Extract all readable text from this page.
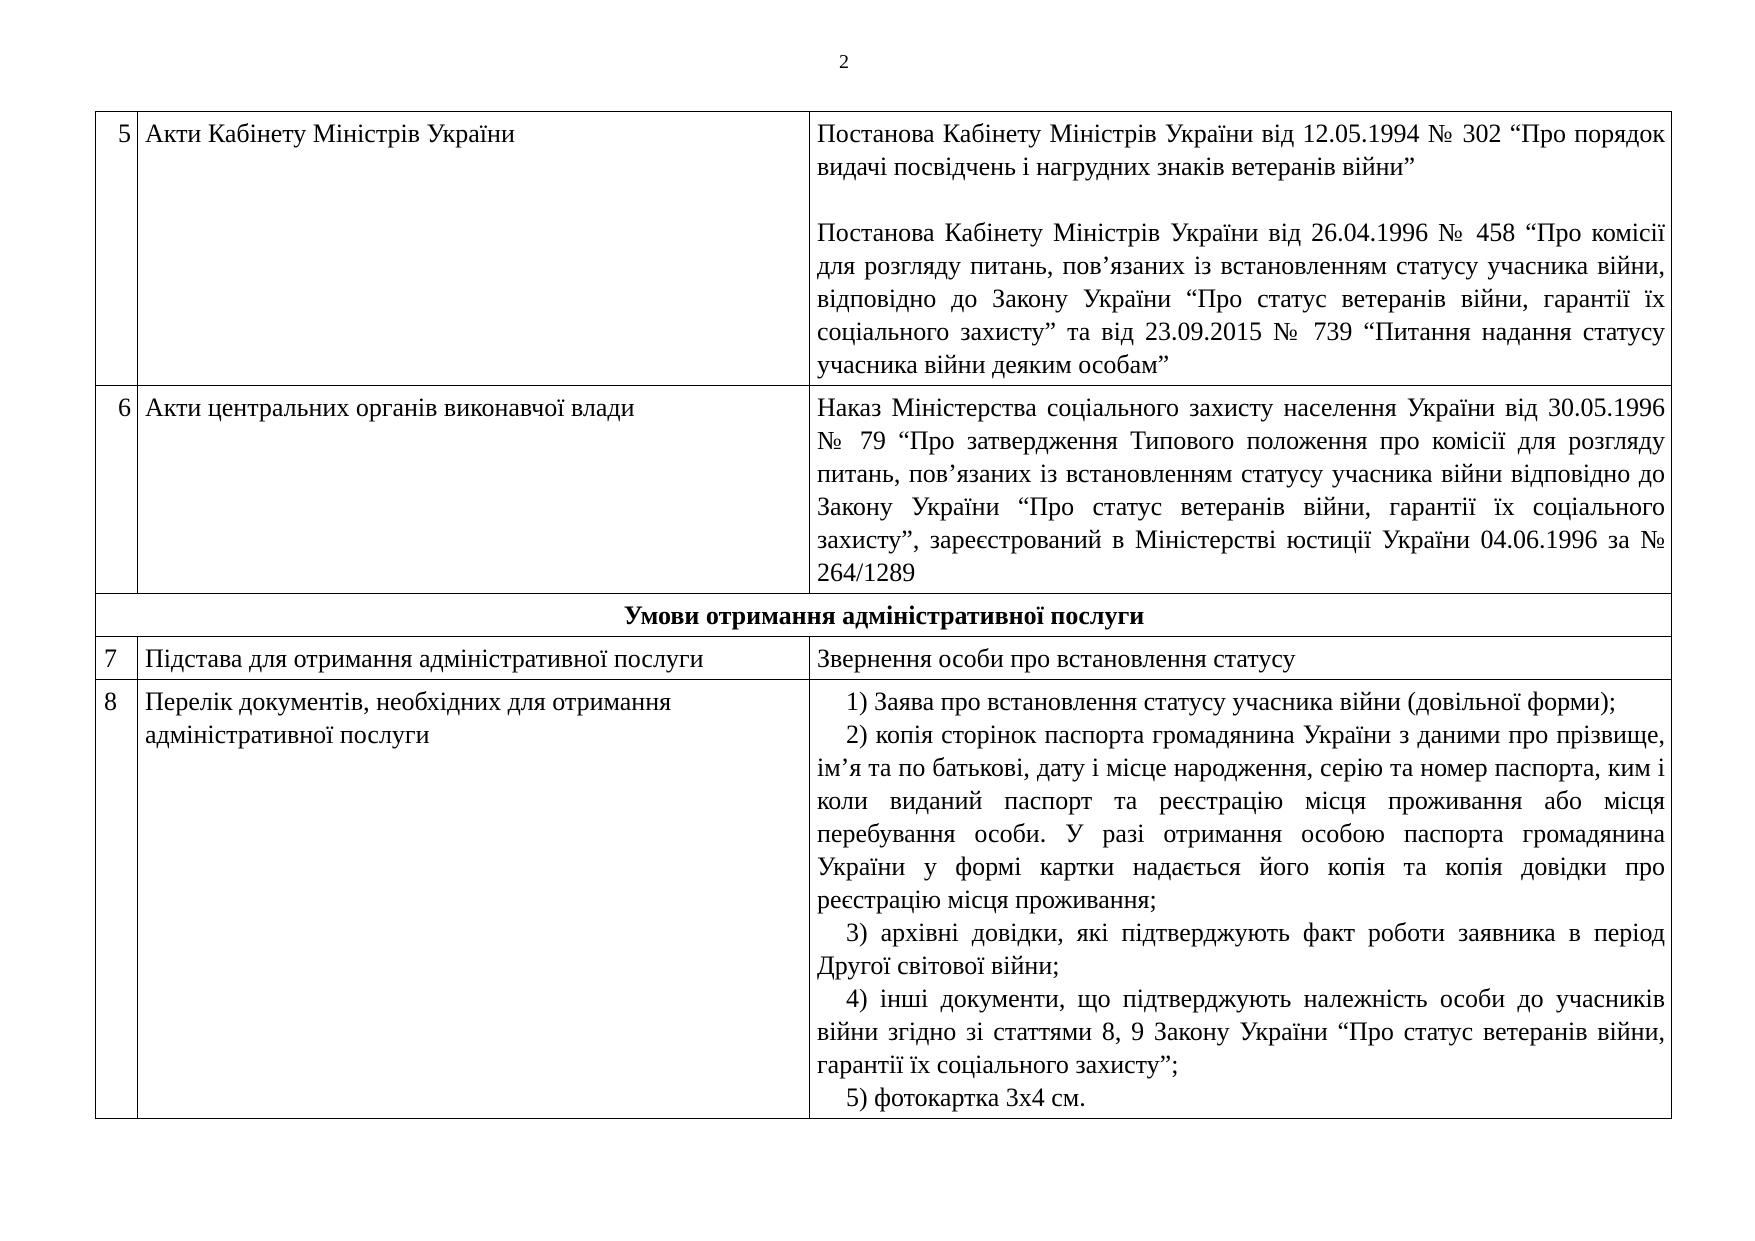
2
5	Акти Кабінету Міністрів України	Постанова Кабінету Міністрів України від 12.05.1994 № 302 “Про порядок видачі посвідчень і нагрудних знаків ветеранів війни”

Постанова Кабінету Міністрів України від 26.04.1996 № 458 “Про комісії для розгляду питань, пов’язаних із встановленням статусу учасника війни, відповідно до Закону України “Про статус ветеранів війни, гарантії їх соціального захисту” та від 23.09.2015 № 739 “Питання надання статусу учасника війни деяким особам”

6	Акти центральних органів виконавчої влади	Наказ Міністерства соціального захисту населення України від 30.05.1996 № 79 “Про затвердження Типового положення про комісії для розгляду питань, пов’язаних із встановленням статусу учасника війни відповідно до Закону України “Про статус ветеранів війни, гарантії їх соціального захисту”, зареєстрований в Міністерстві юстиції України 04.06.1996 за № 264/1289

Умови отримання адміністративної послуги		
7	Підстава для отримання адміністративної послуги	Звернення особи про встановлення статусу
8	Перелік документів, необхідних для отримання адміністративної послуги	1) Заява про встановлення статусу учасника війни (довільної форми);

2) копія сторінок паспорта громадянина України з даними про прізвище, ім’я та по батькові, дату і місце народження, серію та номер паспорта, ким і коли виданий паспорт та реєстрацію місця проживання або місця перебування особи. У разі отримання особою паспорта громадянина України у формі картки надається його копія та копія довідки про реєстрацію місця проживання;

3) архівні довідки, які підтверджують факт роботи заявника в період Другої світової війни;

4) інші документи, що підтверджують належність особи до учасників війни згідно зі статтями 8, 9 Закону України “Про статус ветеранів війни, гарантії їх соціального захисту”;

5) фотокартка 3х4 см.
